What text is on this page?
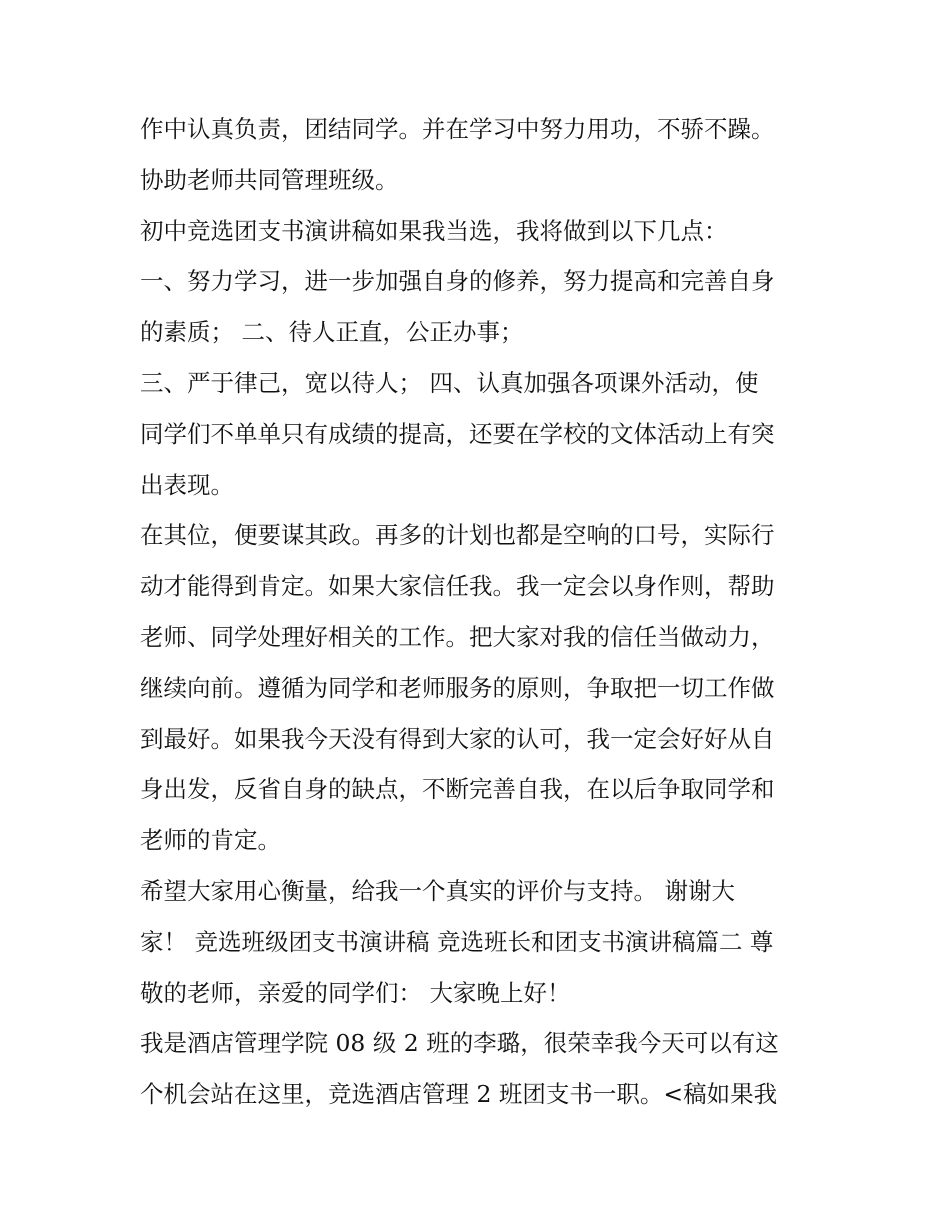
作中认真负责，团结同学。并在学习中努力用功，不骄不躁。
协助老师共同管理班级。
初中竞选团支书演讲稿如果我当选，我将做到以下几点：
一、努力学习，进一步加强自身的修养，努力提高和完善自身
的素质； 二、待人正直，公正办事；
三、严于律己，宽以待人； 四、认真加强各项课外活动，使
同学们不单单只有成绩的提高，还要在学校的文体活动上有突
出表现。
在其位，便要谋其政。再多的计划也都是空响的口号，实际行
动才能得到肯定。如果大家信任我。我一定会以身作则，帮助
老师、同学处理好相关的工作。把大家对我的信任当做动力，
继续向前。遵循为同学和老师服务的原则，争取把一切工作做
到最好。如果我今天没有得到大家的认可，我一定会好好从自
身出发，反省自身的缺点，不断完善自我，在以后争取同学和
老师的肯定。
希望大家用心衡量，给我一个真实的评价与支持。 谢谢大
家！ 竞选班级团支书演讲稿 竞选班长和团支书演讲稿篇二 尊
敬的老师，亲爱的同学们： 大家晚上好！
我是酒店管理学院 08 级 2 班的李璐，很荣幸我今天可以有这
个机会站在这里，竞选酒店管理 2 班团支书一职。<稿如果我
